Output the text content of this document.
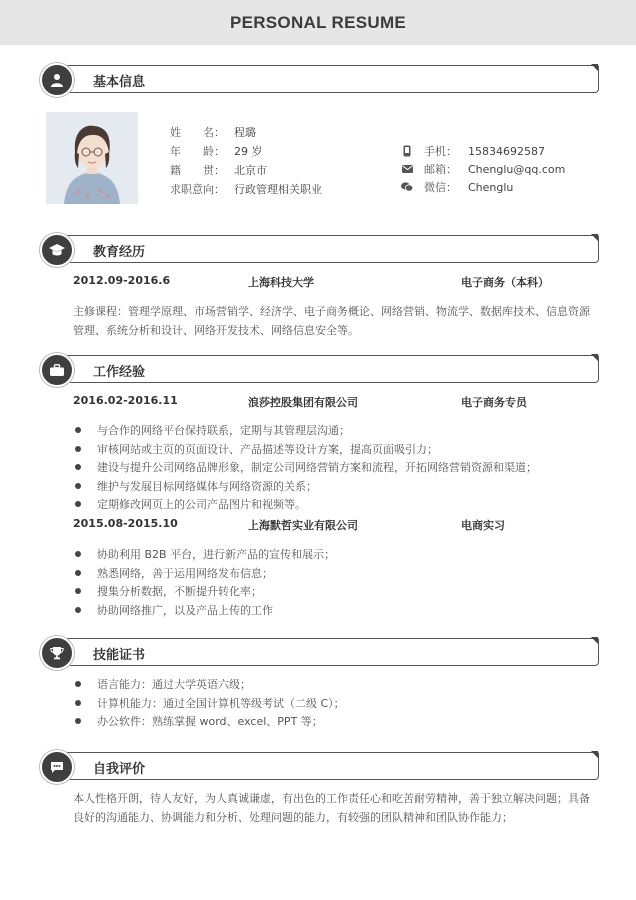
PERSONAL RESUME
基本信息
姓　　名： 程璐
年　　龄： 29 岁
籍　　贯： 北京市
求职意向： 行政管理相关职业
手机：	15834692587
邮箱：	Chenglu@qq.com
微信：	Chenglu
教育经历
2012.09-2016.6	上海科技大学	电子商务（本科）
主修课程：管理学原理、市场营销学、经济学、电子商务概论、网络营销、物流学、数据库技术、信息资源管理、系统分析和设计、网络开发技术、网络信息安全等。
工作经验
2016.02-2016.11	浪莎控股集团有限公司	电子商务专员
与合作的网络平台保持联系，定期与其管理层沟通；
审核网站或主页的页面设计、产品描述等设计方案，提高页面吸引力；
建设与提升公司网络品牌形象，制定公司网络营销方案和流程，开拓网络营销资源和渠道；
维护与发展目标网络媒体与网络资源的关系；
定期修改网页上的公司产品图片和视频等。
2015.08-2015.10	上海默哲实业有限公司	电商实习
协助利用 B2B 平台，进行新产品的宣传和展示；
熟悉网络，善于运用网络发布信息；
搜集分析数据，不断提升转化率；
协助网络推广，以及产品上传的工作
技能证书
语言能力：通过大学英语六级；
计算机能力：通过全国计算机等级考试（二级 C）；
办公软件：熟练掌握 word、excel、PPT 等；
自我评价
本人性格开朗，待人友好，为人真诚谦虚，有出色的工作责任心和吃苦耐劳精神，善于独立解决问题；具备良好的沟通能力、协调能力和分析、处理问题的能力，有较强的团队精神和团队协作能力；
